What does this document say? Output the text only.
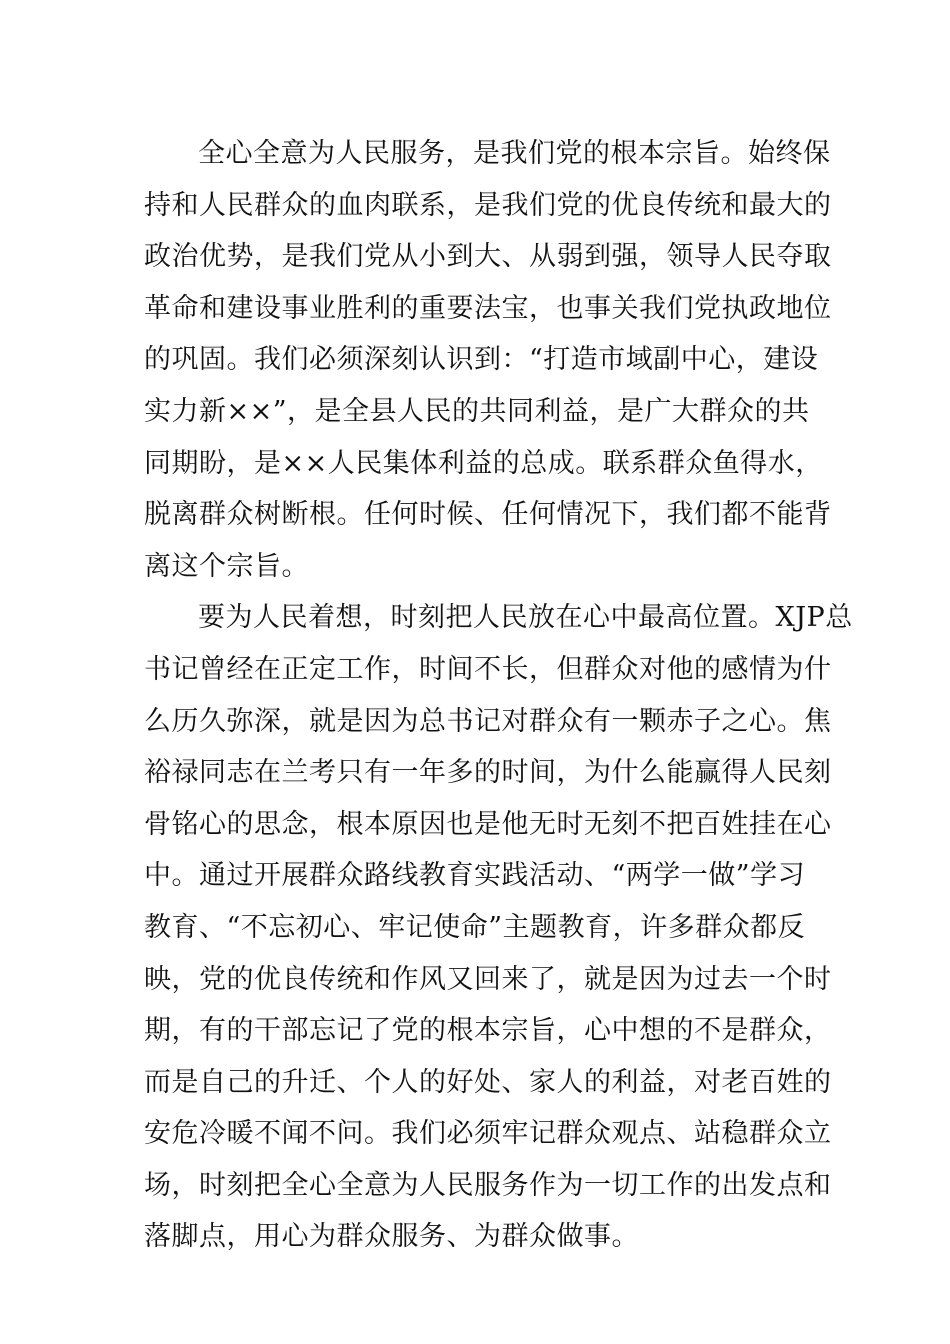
全心全意为人民服务，是我们党的根本宗旨。始终保
持和人民群众的血肉联系，是我们党的优良传统和最大的
政治优势，是我们党从小到大、从弱到强，领导人民夺取
革命和建设事业胜利的重要法宝，也事关我们党执政地位
的巩固。我们必须深刻认识到：“打造市域副中心，建设
实力新××”，是全县人民的共同利益，是广大群众的共
同期盼，是××人民集体利益的总成。联系群众鱼得水，
脱离群众树断根。任何时候、任何情况下，我们都不能背
离这个宗旨。
要为人民着想，时刻把人民放在心中最高位置。XJP总
书记曾经在正定工作，时间不长，但群众对他的感情为什
么历久弥深，就是因为总书记对群众有一颗赤子之心。焦
裕禄同志在兰考只有一年多的时间，为什么能赢得人民刻
骨铭心的思念，根本原因也是他无时无刻不把百姓挂在心
中。通过开展群众路线教育实践活动、“两学一做”学习
教育、“不忘初心、牢记使命”主题教育，许多群众都反
映，党的优良传统和作风又回来了，就是因为过去一个时
期，有的干部忘记了党的根本宗旨，心中想的不是群众，
而是自己的升迁、个人的好处、家人的利益，对老百姓的
安危冷暖不闻不问。我们必须牢记群众观点、站稳群众立
场，时刻把全心全意为人民服务作为一切工作的出发点和
落脚点，用心为群众服务、为群众做事。
